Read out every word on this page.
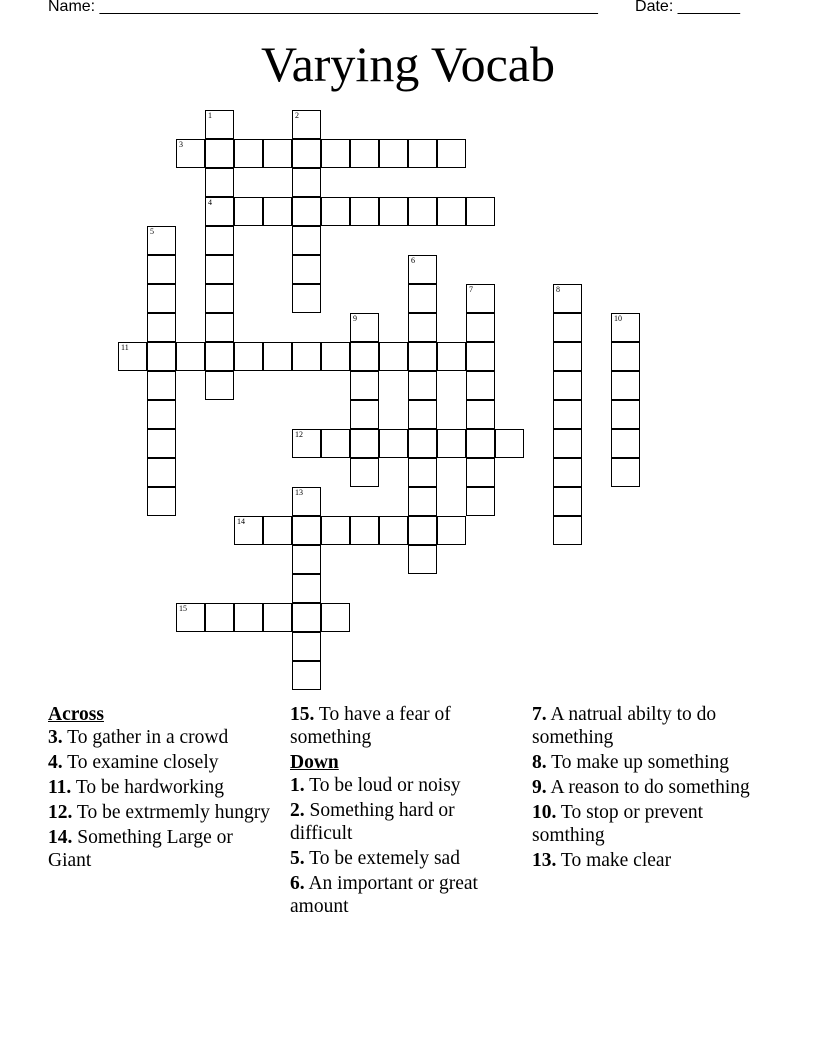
Name: ________________________________________________________ Date: _______
Varying Vocab
1
4
2
3
5
6
7	8
9	10
11
12
13
14
15

Across

3. To gather in a crowd

4. To examine closely

11. To be hardworking

12. To be extrmemly hungry

14. Something Large or Giant

15. To have a fear of something

Down

1. To be loud or noisy

2. Something hard or difficult

5. To be extemely sad

6. An important or great amount

7. A natrual abilty to do something

8. To make up something

9. A reason to do something

10. To stop or prevent somthing

13. To make clear
